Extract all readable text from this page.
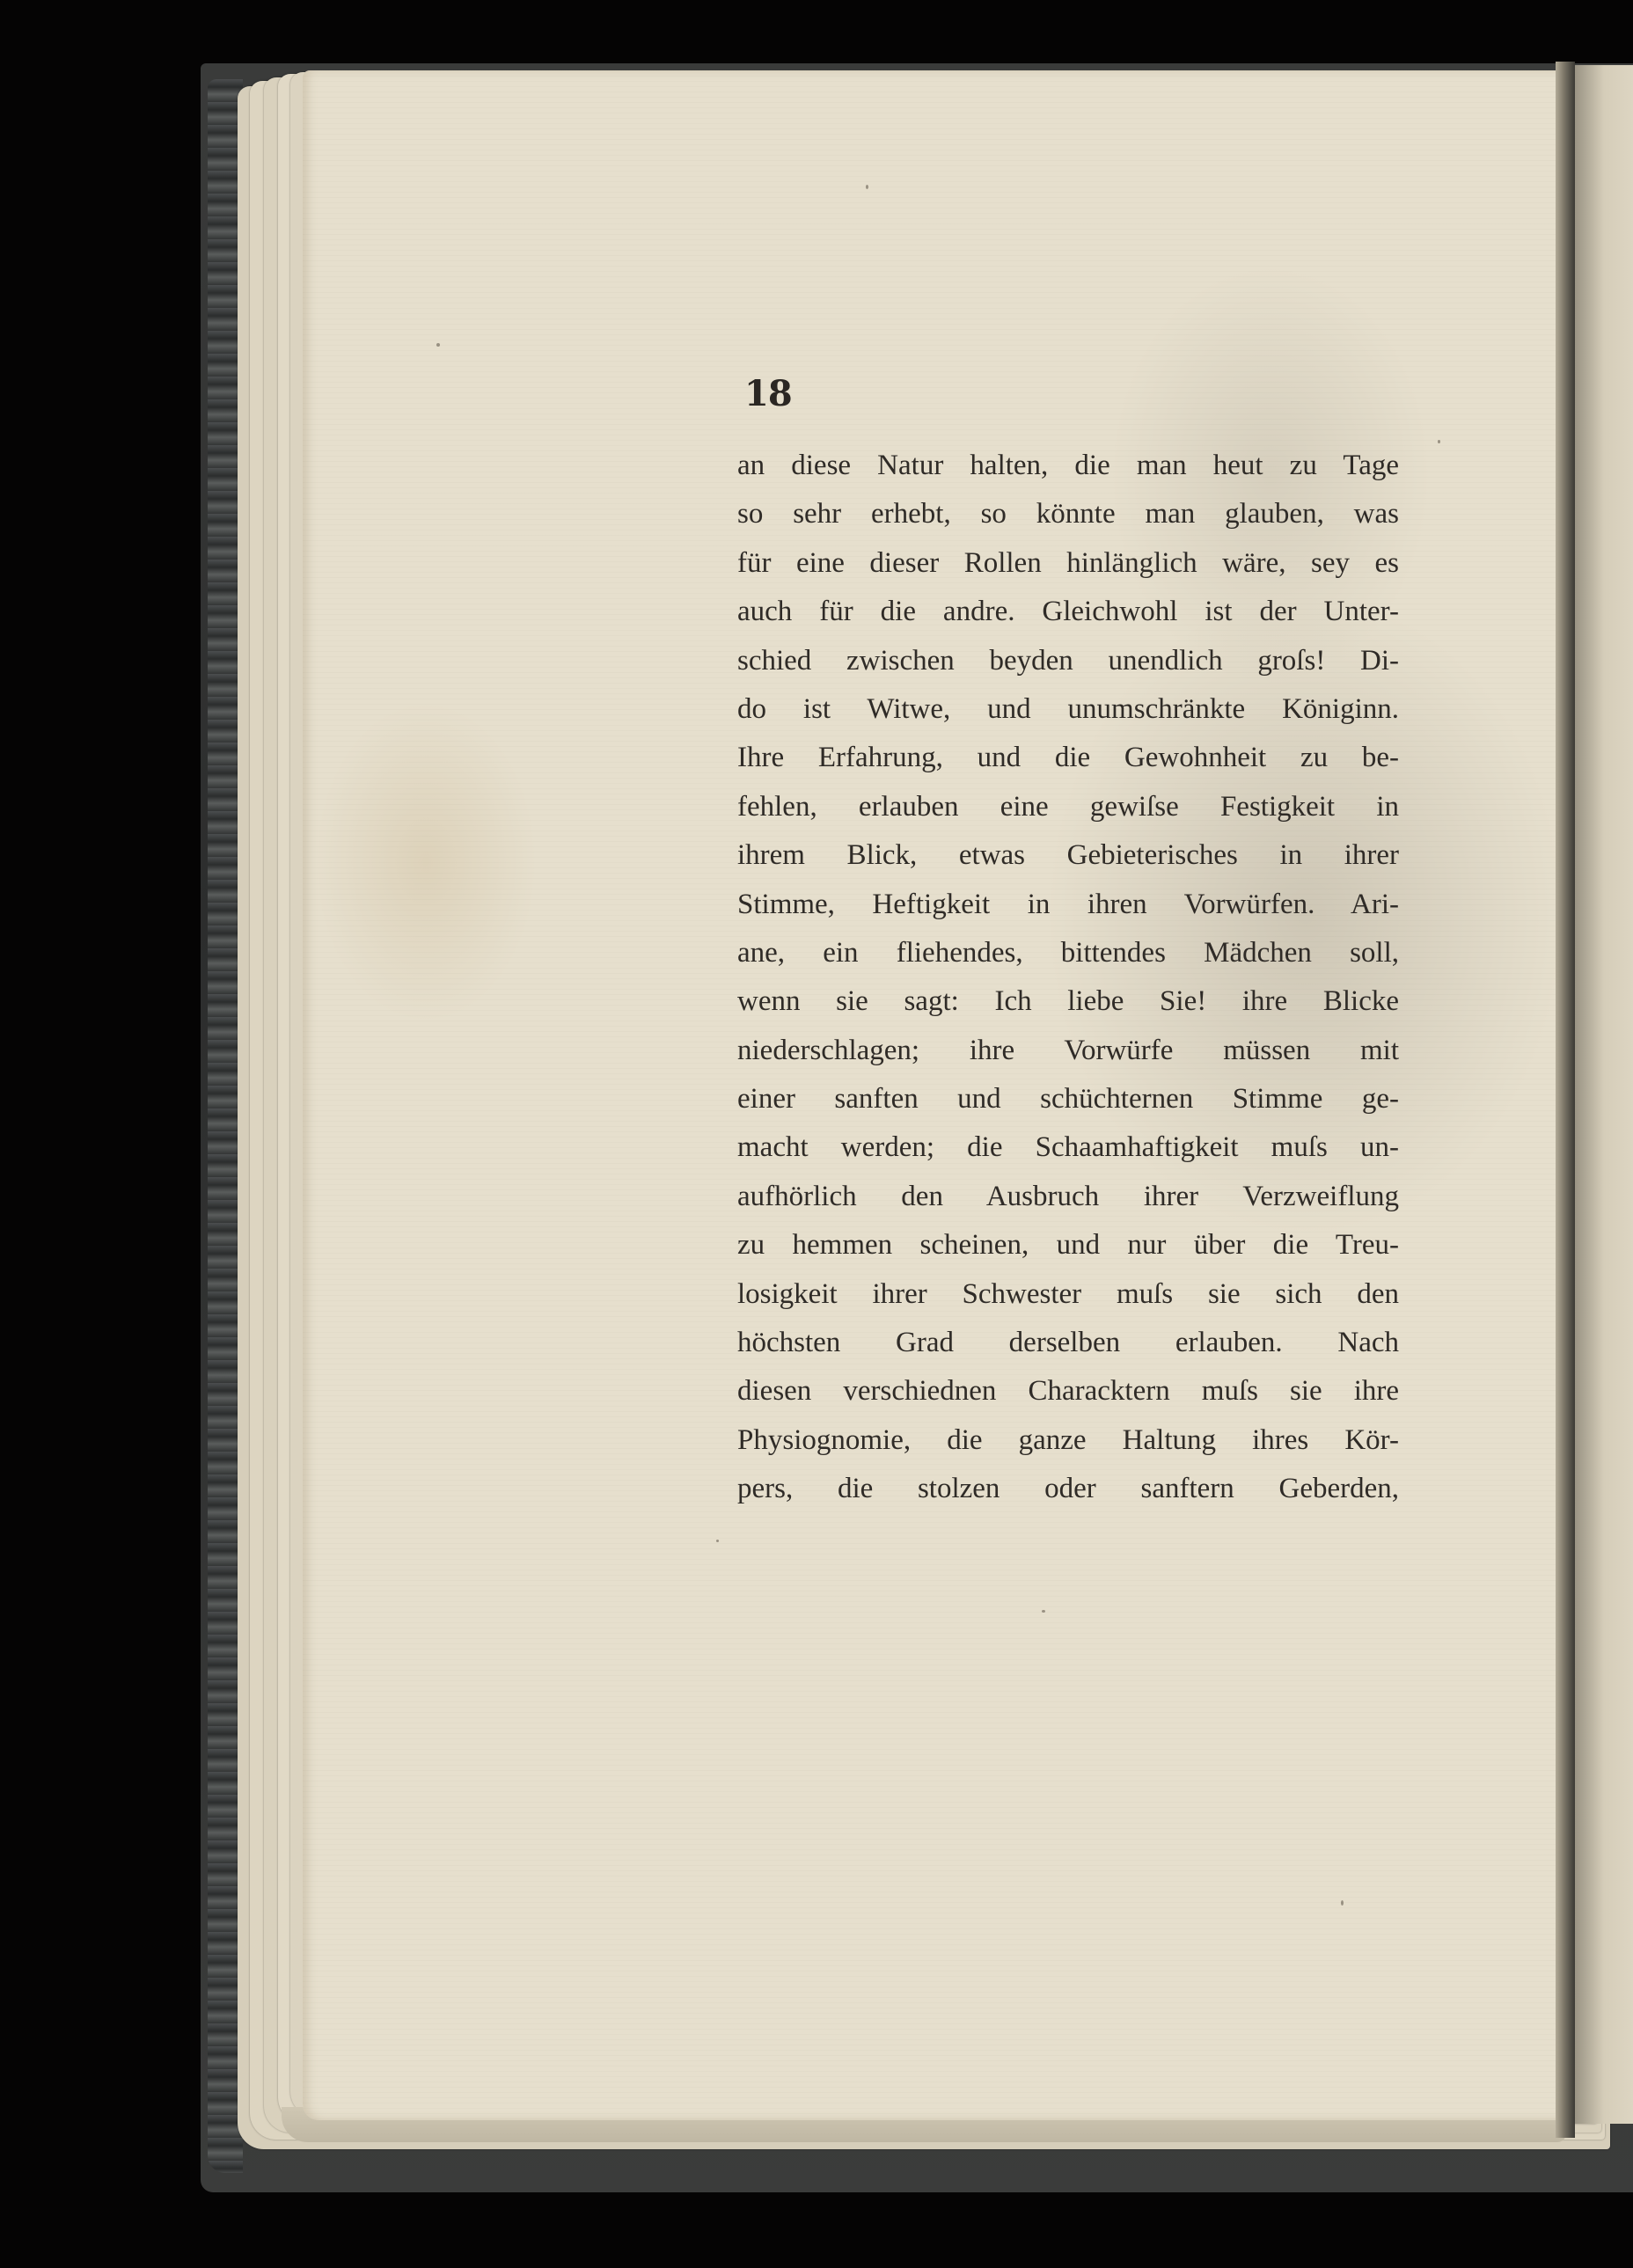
18
an diese Natur halten, die man heut zu Tage
so sehr erhebt, so könnte man glauben, was
für eine dieser Rollen hinlänglich wäre, sey es
auch für die andre. Gleichwohl ist der Unter-
schied zwischen beyden unendlich groſs! Di-
do ist Witwe, und unumschränkte Königinn.
Ihre Erfahrung, und die Gewohnheit zu be-
fehlen, erlauben eine gewiſse Festigkeit in
ihrem Blick, etwas Gebieterisches in ihrer
Stimme, Heftigkeit in ihren Vorwürfen. Ari-
ane, ein fliehendes, bittendes Mädchen soll,
wenn sie sagt: Ich liebe Sie! ihre Blicke
niederschlagen; ihre Vorwürfe müssen mit
einer sanften und schüchternen Stimme ge-
macht werden; die Schaamhaftigkeit muſs un-
aufhörlich den Ausbruch ihrer Verzweiflung
zu hemmen scheinen, und nur über die Treu-
losigkeit ihrer Schwester muſs sie sich den
höchsten Grad derselben erlauben. Nach
diesen verschiednen Characktern muſs sie ihre
Physiognomie, die ganze Haltung ihres Kör-
pers, die stolzen oder sanftern Geberden,
